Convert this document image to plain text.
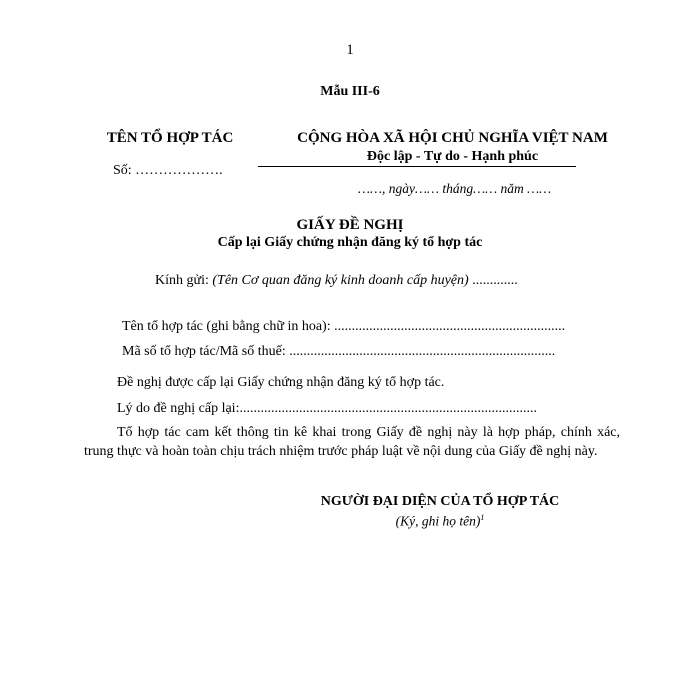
1
Mẫu III-6
TÊN TỔ HỢP TÁC	CỘNG HÒA XÃ HỘI CHỦ NGHĨA VIỆT NAM
Độc lập - Tự do - Hạnh phúc
Số: ……………….
……, ngày…… tháng…… năm ……
GIẤY ĐỀ NGHỊ
Cấp lại Giấy chứng nhận đăng ký tổ hợp tác
Kính gửi: (Tên Cơ quan đăng ký kinh doanh cấp huyện) .............
Tên tổ hợp tác (ghi bằng chữ in hoa): ..................................................................
Mã số tổ hợp tác/Mã số thuế: ............................................................................
Đề nghị được cấp lại Giấy chứng nhận đăng ký tổ hợp tác.
Lý do đề nghị cấp lại:.....................................................................................
Tổ hợp tác cam kết thông tin kê khai trong Giấy đề nghị này là hợp pháp, chính xác, trung thực và hoàn toàn chịu trách nhiệm trước pháp luật về nội dung của Giấy đề nghị này.
NGƯỜI ĐẠI DIỆN CỦA TỔ HỢP TÁC
(Ký, ghi họ tên)$^1$
